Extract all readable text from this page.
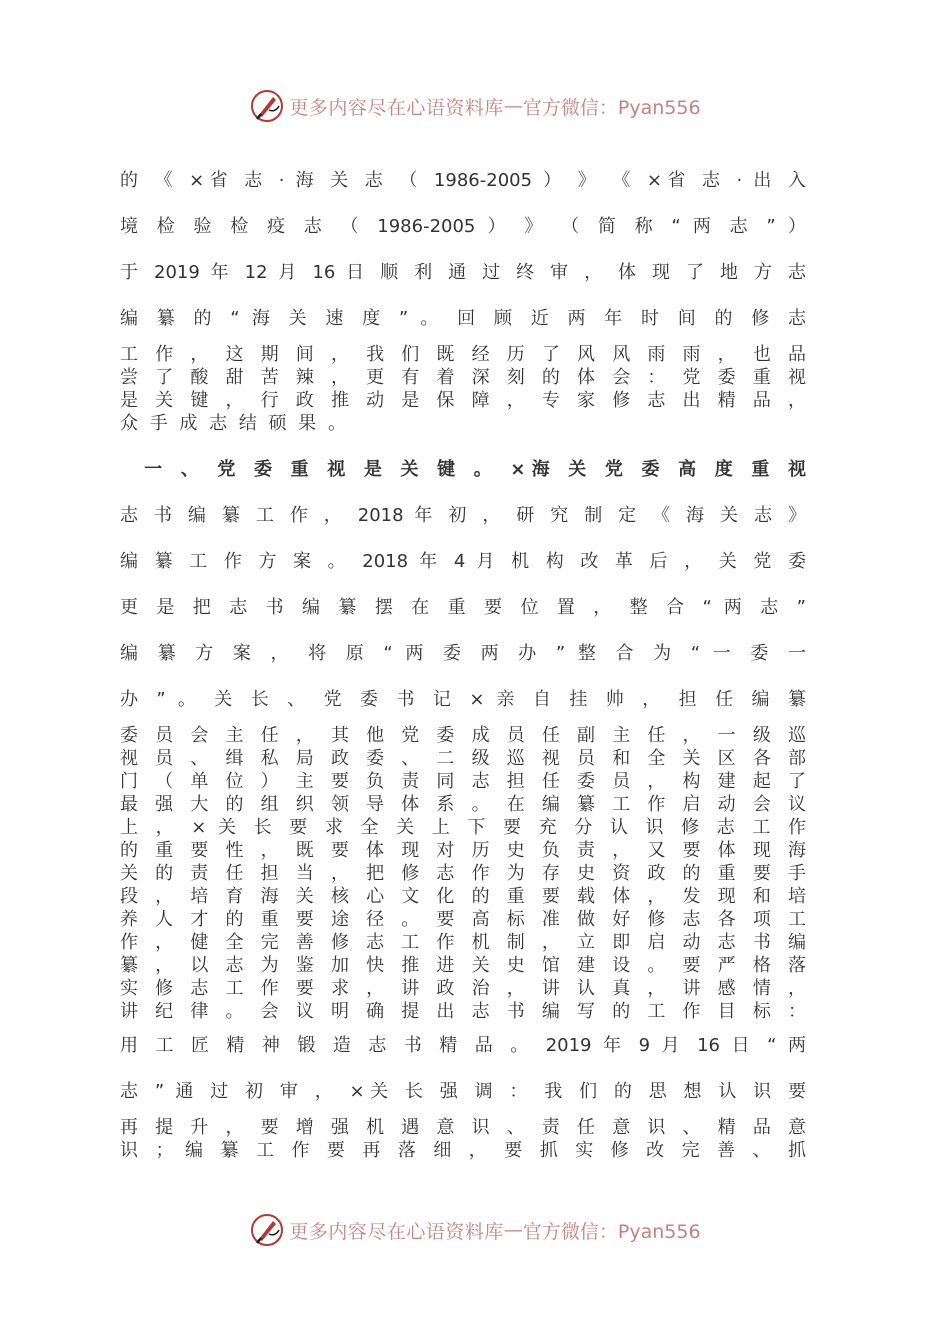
更多内容尽在心语资料库 — 官方微信：Pyan556
的 《 ×省 志 · 海 关 志 （ 1986-2005 ） 》 《 ×省 志 · 出 入
境 检 验 检 疫 志 （ 1986-2005 ） 》 （ 简 称 “ 两 志 ” ）
于 2019 年 12 月 16 日 顺 利 通 过 终 审 ， 体 现 了 地 方 志
编 纂 的 “ 海 关 速 度 ” 。 回 顾 近 两 年 时 间 的 修 志
工 作 ， 这 期 间 ， 我 们 既 经 历 了 风 风 雨 雨 ， 也 品
尝 了 酸 甜 苦 辣 ， 更 有 着 深 刻 的 体 会 ： 党 委 重 视
是 关 键 ， 行 政 推 动 是 保 障 ， 专 家 修 志 出 精 品 ，
众 手 成 志 结 硕 果 。
　一 、 党 委 重 视 是 关 键 。 ×海 关 党 委 高 度 重 视
志 书 编 纂 工 作 ， 2018 年 初 ， 研 究 制 定 《 海 关 志 》
编 纂 工 作 方 案 。 2018 年 4 月 机 构 改 革 后 ， 关 党 委
更 是 把 志 书 编 纂 摆 在 重 要 位 置 ， 整 合 “ 两 志 ”
编 纂 方 案 ， 将 原 “ 两 委 两 办 ” 整 合 为 “ 一 委 一
办 ” 。 关 长 、 党 委 书 记 × 亲 自 挂 帅 ， 担 任 编 纂
委 员 会 主 任 ， 其 他 党 委 成 员 任 副 主 任 ， 一 级 巡
视 员 、 缉 私 局 政 委 、 二 级 巡 视 员 和 全 关 区 各 部
门 （ 单 位 ） 主 要 负 责 同 志 担 任 委 员 ， 构 建 起 了
最 强 大 的 组 织 领 导 体 系 。 在 编 纂 工 作 启 动 会 议
上 ， × 关 长 要 求 全 关 上 下 要 充 分 认 识 修 志 工 作
的 重 要 性 ， 既 要 体 现 对 历 史 负 责 ， 又 要 体 现 海
关 的 责 任 担 当 ， 把 修 志 作 为 存 史 资 政 的 重 要 手
段 ， 培 育 海 关 核 心 文 化 的 重 要 载 体 ， 发 现 和 培
养 人 才 的 重 要 途 径 。 要 高 标 准 做 好 修 志 各 项 工
作 ， 健 全 完 善 修 志 工 作 机 制 ， 立 即 启 动 志 书 编
纂 ， 以 志 为 鉴 加 快 推 进 关 史 馆 建 设 。 要 严 格 落
实 修 志 工 作 要 求 ， 讲 政 治 ， 讲 认 真 ， 讲 感 情 ，
讲 纪 律 。 会 议 明 确 提 出 志 书 编 写 的 工 作 目 标 ：
用 工 匠 精 神 锻 造 志 书 精 品 。 2019 年 9 月 16 日 “ 两
志 ” 通 过 初 审 ， ×关 长 强 调 ： 我 们 的 思 想 认 识 要
再 提 升 ， 要 增 强 机 遇 意 识 、 责 任 意 识 、 精 品 意
识 ； 编 纂 工 作 要 再 落 细 ， 要 抓 实 修 改 完 善 、 抓
更多内容尽在心语资料库 — 官方微信：Pyan556
